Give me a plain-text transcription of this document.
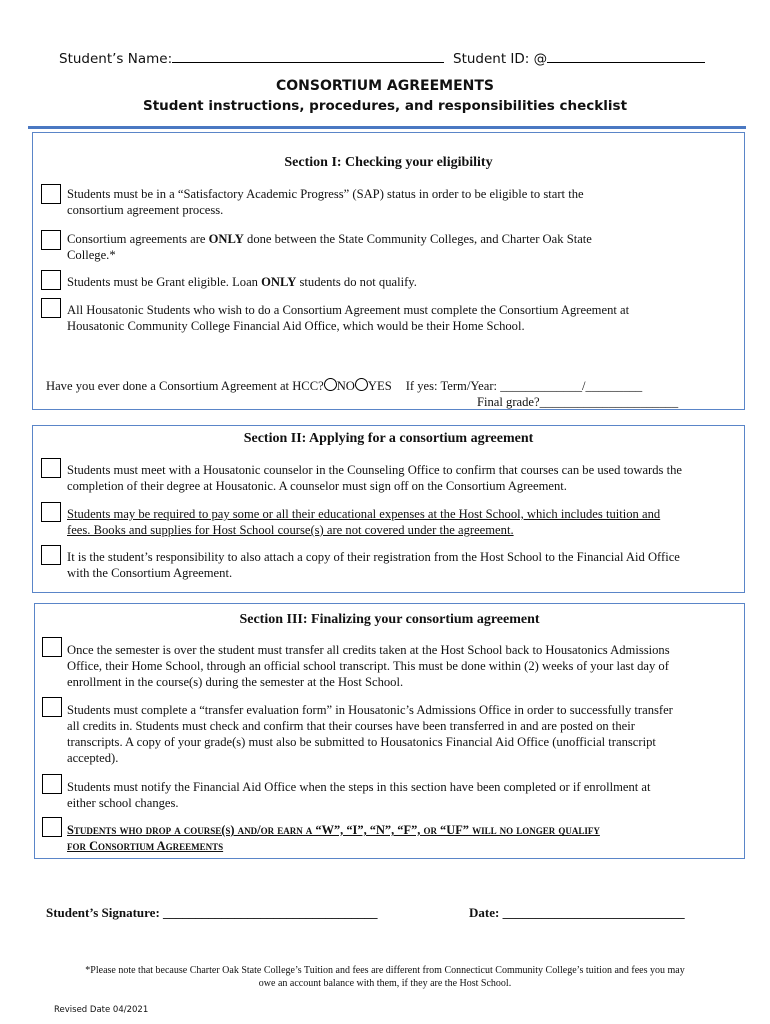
Student’s Name:	Student ID: @
CONSORTIUM AGREEMENTS
Student instructions, procedures, and responsibilities checklist
Section I: Checking your eligibility
Students must be in a “Satisfactory Academic Progress” (SAP) status in order to be eligible to start the
consortium agreement process.
Consortium agreements are ONLY done between the State Community Colleges, and Charter Oak State
College.*
Students must be Grant eligible. Loan ONLY students do not qualify.
All Housatonic Students who wish to do a Consortium Agreement must complete the Consortium Agreement at
Housatonic Community College Financial Aid Office, which would be their Home School.
Have you ever done a Consortium Agreement at HCC? NO YES If yes: Term/Year: _____________/_________
Final grade?______________________
Section II: Applying for a consortium agreement
Students must meet with a Housatonic counselor in the Counseling Office to confirm that courses can be used towards the
completion of their degree at Housatonic. A counselor must sign off on the Consortium Agreement.
Students may be required to pay some or all their educational expenses at the Host School, which includes tuition and
fees. Books and supplies for Host School course(s) are not covered under the agreement.
It is the student’s responsibility to also attach a copy of their registration from the Host School to the Financial Aid Office
with the Consortium Agreement.
Section III: Finalizing your consortium agreement
Once the semester is over the student must transfer all credits taken at the Host School back to Housatonics Admissions
Office, their Home School, through an official school transcript. This must be done within (2) weeks of your last day of
enrollment in the course(s) during the semester at the Host School.
Students must complete a “transfer evaluation form” in Housatonic’s Admissions Office in order to successfully transfer
all credits in. Students must check and confirm that their courses have been transferred in and are posted on their
transcripts. A copy of your grade(s) must also be submitted to Housatonics Financial Aid Office (unofficial transcript
accepted).
Students must notify the Financial Aid Office when the steps in this section have been completed or if enrollment at
either school changes.
Students who drop a course(s) and/or earn a “W”, “I”, “N”, “F”, or “UF” will no longer qualify
for Consortium Agreements
Student’s Signature: _________________________________	Date: ____________________________
*Please note that because Charter Oak State College’s Tuition and fees are different from Connecticut Community College’s tuition and fees you may
owe an account balance with them, if they are the Host School.
Revised Date 04/2021
